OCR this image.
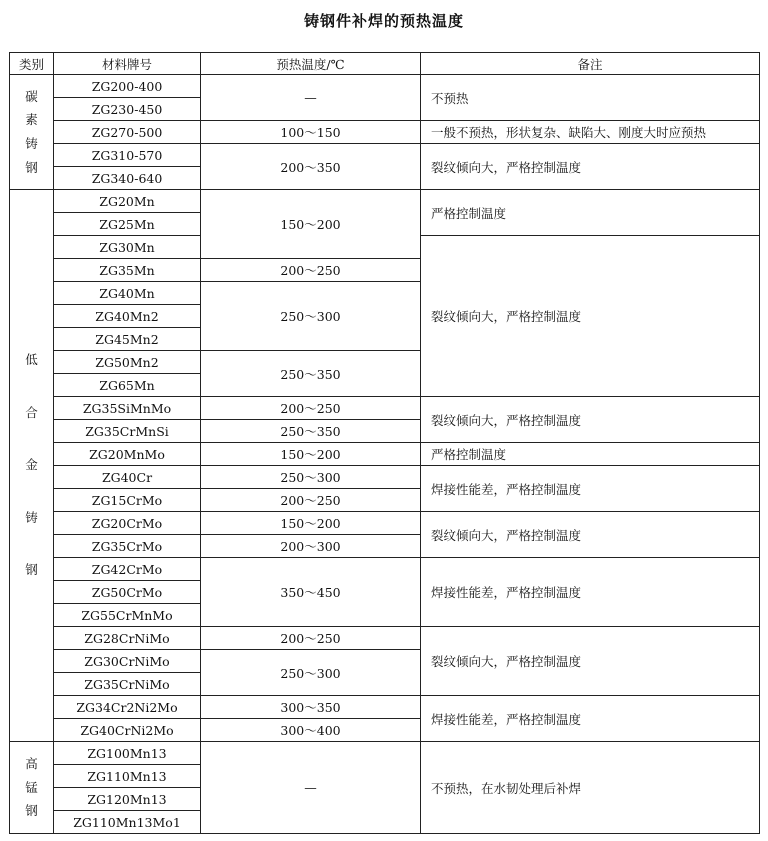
铸钢件补焊的预热温度
类别	材料牌号	预热温度/℃	备注

碳
素
铸
钢	ZG200-400	—	不预热
	ZG230-450		
	ZG270-500	100～150	一般不预热，形状复杂、缺陷大、刚度大时应预热
	ZG310-570	200～350	裂纹倾向大，严格控制温度
	ZG340-640		

低
合
金
铸
钢	ZG20Mn	150～200	严格控制温度
	ZG25Mn		
	ZG30Mn		裂纹倾向大，严格控制温度
	ZG35Mn	200～250	
	ZG40Mn	250～300	
	ZG40Mn2		
	ZG45Mn2		
	ZG50Mn2	250～350	
	ZG65Mn		
	ZG35SiMnMo	200～250	裂纹倾向大，严格控制温度
	ZG35CrMnSi	250～350	
	ZG20MnMo	150～200	严格控制温度
	ZG40Cr	250～300	焊接性能差，严格控制温度
	ZG15CrMo	200～250	
	ZG20CrMo	150～200	裂纹倾向大，严格控制温度
	ZG35CrMo	200～300	
	ZG42CrMo	350～450	焊接性能差，严格控制温度
	ZG50CrMo		
	ZG55CrMnMo		
	ZG28CrNiMo	200～250	裂纹倾向大，严格控制温度
	ZG30CrNiMo	250～300	
	ZG35CrNiMo		
	ZG34Cr2Ni2Mo	300～350	焊接性能差，严格控制温度
	ZG40CrNi2Mo	300～400	

高
锰
钢	ZG100Mn13	—	不预热，在水韧处理后补焊
	ZG110Mn13		
	ZG120Mn13		
	ZG110Mn13Mo1		
